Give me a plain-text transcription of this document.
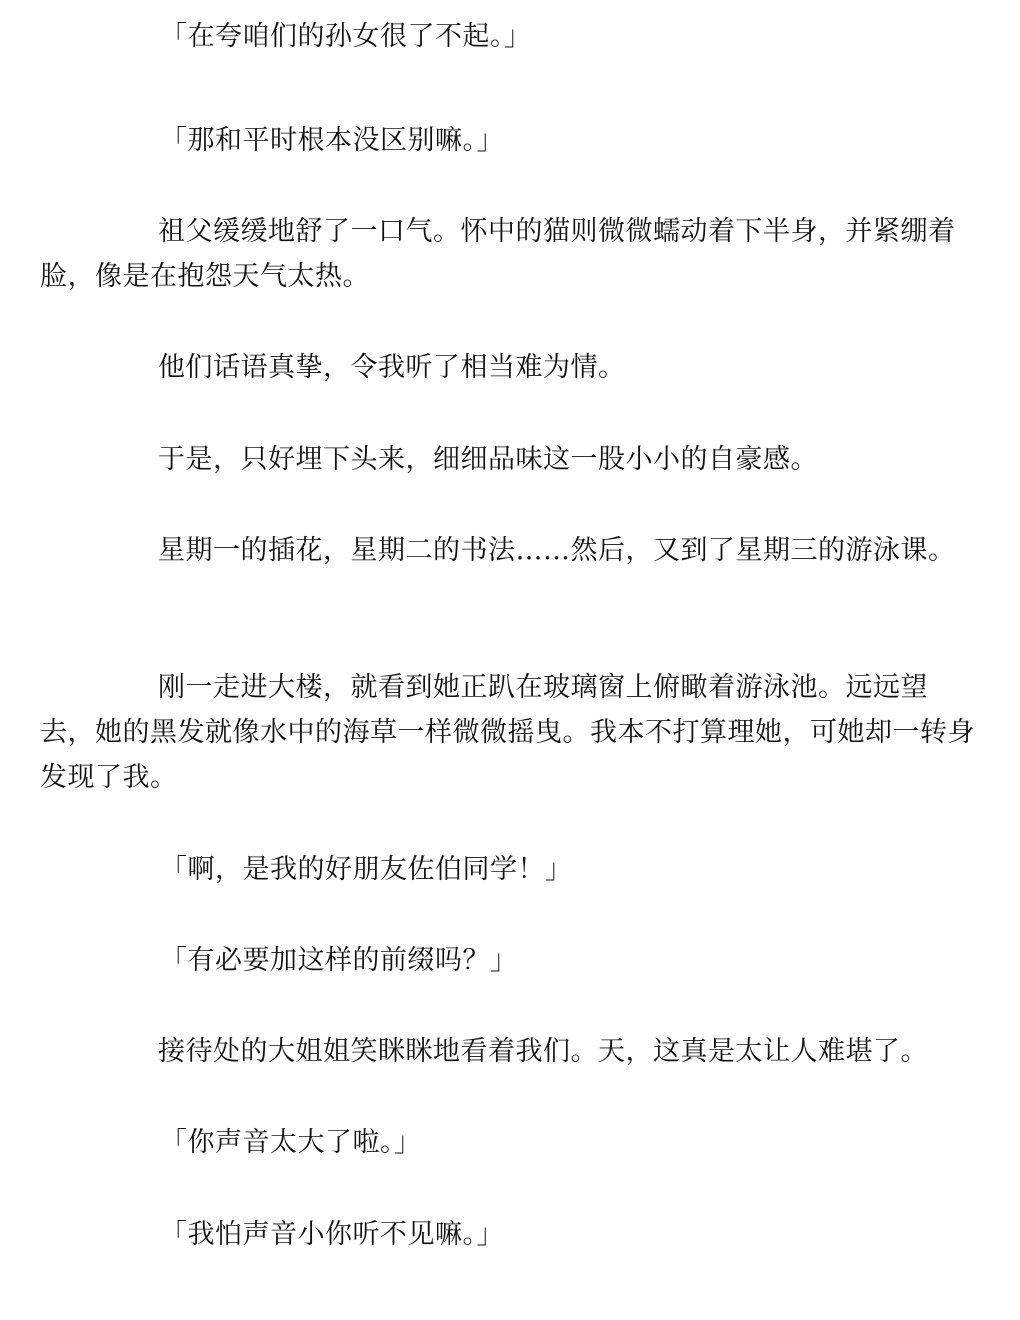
「在夸咱们的孙女很了不起。」

「那和平时根本没区别嘛。」

祖父缓缓地舒了一口气。怀中的猫则微微蠕动着下半身，并紧绷着脸，像是在抱怨天气太热。

他们话语真挚，令我听了相当难为情。

于是，只好埋下头来，细细品味这一股小小的自豪感。

星期一的插花，星期二的书法……然后，又到了星期三的游泳课。

刚一走进大楼，就看到她正趴在玻璃窗上俯瞰着游泳池。远远望去，她的黑发就像水中的海草一样微微摇曳。我本不打算理她，可她却一转身发现了我。

「啊，是我的好朋友佐伯同学！」

「有必要加这样的前缀吗？」

接待处的大姐姐笑眯眯地看着我们。天，这真是太让人难堪了。

「你声音太大了啦。」

「我怕声音小你听不见嘛。」
